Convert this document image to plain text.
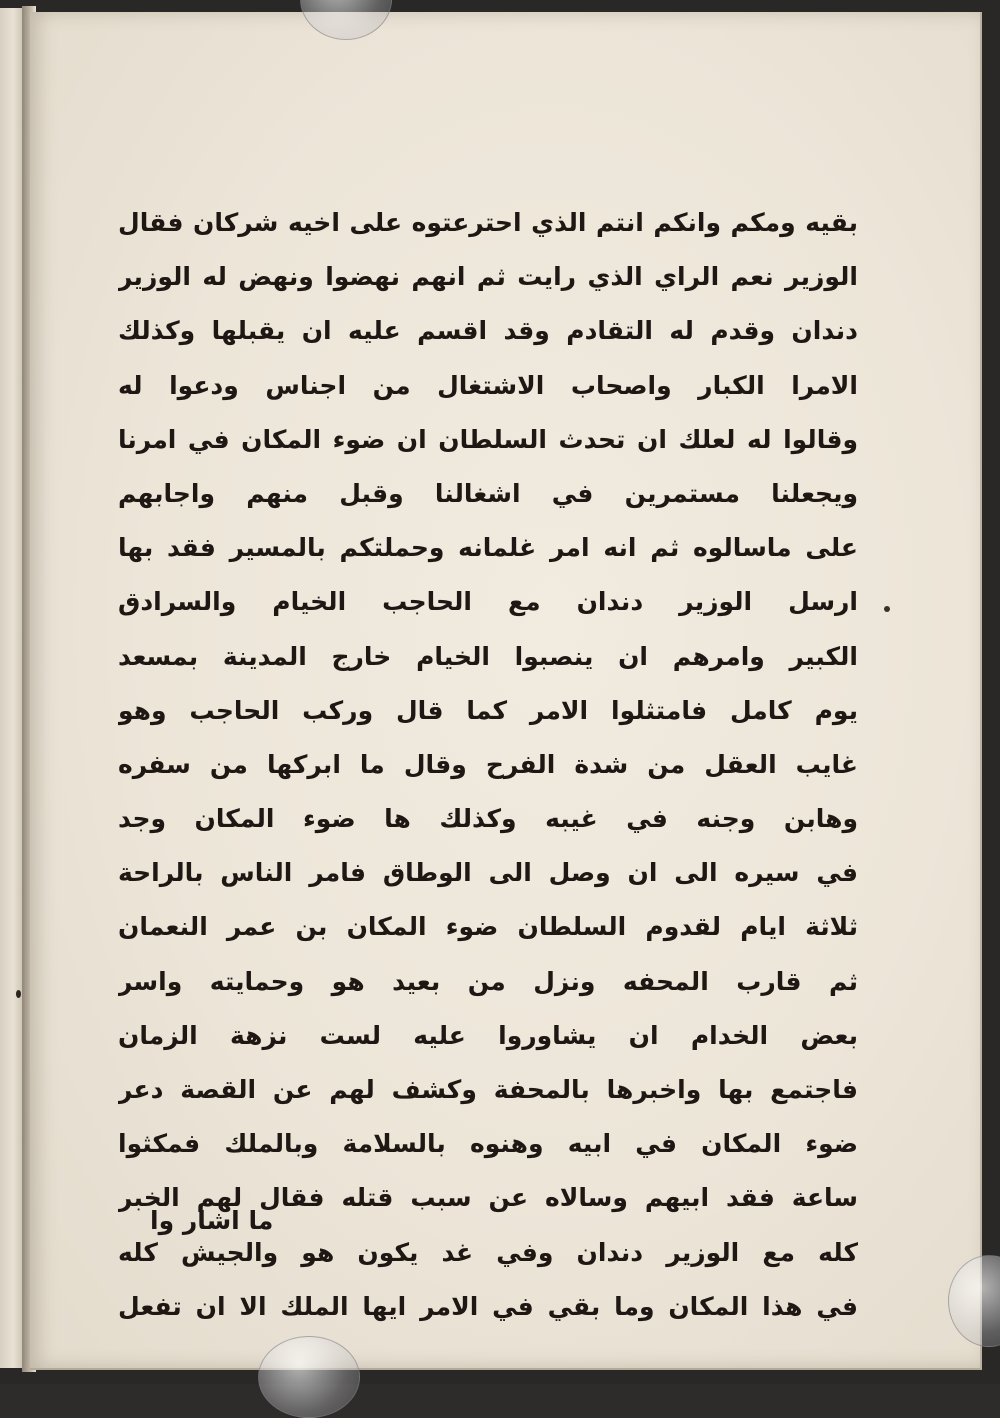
بقيه ومكم وانكم انتم الذي احترعتوه على اخيه شركان فقال
الوزير نعم الراي الذي رايت ثم انهم نهضوا ونهض له الوزير
دندان وقدم له التقادم وقد اقسم عليه ان يقبلها وكذلك
الامرا الكبار واصحاب الاشتغال من اجناس ودعوا له
وقالوا له لعلك ان تحدث السلطان ان ضوء المكان في امرنا
ويجعلنا مستمرين في اشغالنا وقبل منهم واجابهم
على ماسالوه ثم انه امر غلمانه وحملتكم بالمسير فقد بها
ارسل الوزير دندان مع الحاجب الخيام والسرادق
الكبير وامرهم ان ينصبوا الخيام خارج المدينة بمسعد
يوم كامل فامتثلوا الامر كما قال وركب الحاجب وهو
غايب العقل من شدة الفرح وقال ما ابركها من سفره
وهابن وجنه في غيبه وكذلك ها ضوء المكان وجد
في سيره الى ان وصل الى الوطاق فامر الناس بالراحة
ثلاثة ايام لقدوم السلطان ضوء المكان بن عمر النعمان
ثم قارب المحفه ونزل من بعيد هو وحمايته واسر
بعض الخدام ان يشاوروا عليه لست نزهة الزمان
فاجتمع بها واخبرها بالمحفة وكشف لهم عن القصة دعر
ضوء المكان في ابيه وهنوه بالسلامة وبالملك فمكثوا
ساعة فقد ابيهم وسالاه عن سبب قتله فقال لهم الخبر
كله مع الوزير دندان وفي غد يكون هو والجيش كله
في هذا المكان وما بقي في الامر ايها الملك الا ان تفعل
ما اشار وا
